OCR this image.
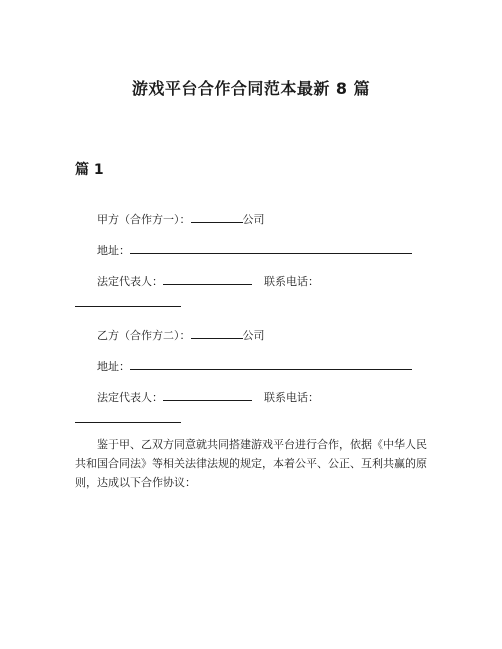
游戏平台合作合同范本最新 8 篇
篇 1
甲方（合作方一）：	公司
地址：
法定代表人：	联系电话：
乙方（合作方二）：	公司
地址：
法定代表人：	联系电话：
鉴于甲、乙双方同意就共同搭建游戏平台进行合作，依据《中华人民共和国合同法》等相关法律法规的规定，本着公平、公正、互利共赢的原则，达成以下合作协议：
